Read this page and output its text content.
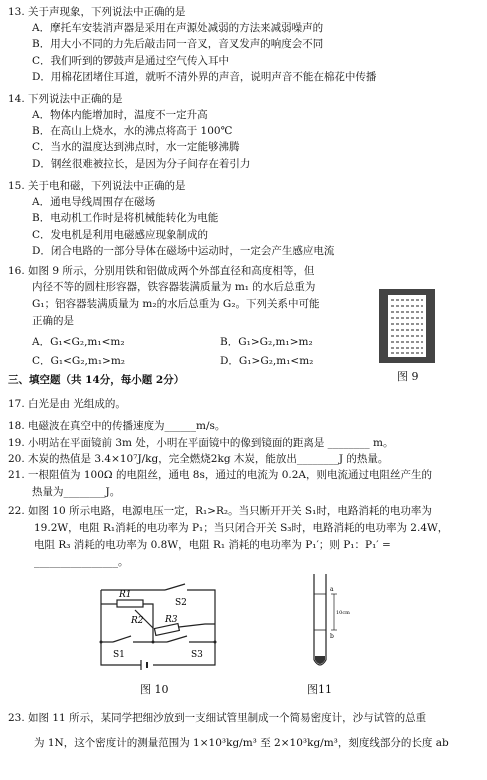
13. 关于声现象，下列说法中正确的是
A．摩托车安装消声器是采用在声源处减弱的方法来减弱噪声的
B．用大小不同的力先后敲击同一音叉，音叉发声的响度会不同
C．我们听到的锣鼓声是通过空气传入耳中
D．用棉花团堵住耳道，就听不清外界的声音，说明声音不能在棉花中传播
14. 下列说法中正确的是
A．物体内能增加时，温度不一定升高
B．在高山上烧水，水的沸点将高于 100℃
C．当水的温度达到沸点时，水一定能够沸腾
D．钢丝很难被拉长，是因为分子间存在着引力
15. 关于电和磁，下列说法中正确的是
A．通电导线周围存在磁场
B．电动机工作时是将机械能转化为电能
C．发电机是利用电磁感应现象制成的
D．闭合电路的一部分导体在磁场中运动时，一定会产生感应电流
16. 如图 9 所示，分别用铁和铝做成两个外部直径和高度相等，但
内径不等的圆柱形容器，铁容器装满质量为 m₁ 的水后总重为
G₁；铝容器装满质量为 m₂的水后总重为 G₂。下列关系中可能
正确的是
A．G₁<G₂,m₁<m₂	B．G₁>G₂,m₁>m₂
C．G₁<G₂,m₁>m₂	D．G₁>G₂,m₁<m₂
图 9
三、填空题（共 14分，每小题 2分）
17. 白光是由 光组成的。
18. 电磁波在真空中的传播速度为______m/s。
19. 小明站在平面镜前 3m 处，小明在平面镜中的像到镜面的距离是 ________ m。
20. 木炭的热值是 3.4×10⁷J/kg，完全燃烧2kg 木炭，能放出________J 的热量。
21. 一根阻值为 100Ω 的电阻丝，通电 8s，通过的电流为 0.2A，则电流通过电阻丝产生的
热量为________J。
22. 如图 10 所示电路，电源电压一定，R₁>R₂。当只断开开关 S₁时，电路消耗的电功率为
19.2W，电阻 R₁消耗的电功率为 P₁；当只闭合开关 S₃时，电路消耗的电功率为 2.4W，
电阻 R₃ 消耗的电功率为 0.8W，电阻 R₁ 消耗的电功率为 P₁′；则 P₁：P₁′ =
________________。
R1
R2 R3
S2
S1	S3
图 10
a
b
10cm
图11
23. 如图 11 所示，某同学把细沙放到一支细试管里制成一个简易密度计，沙与试管的总重
为 1N，这个密度计的测量范围为 1×10³kg/m³ 至 2×10³kg/m³，刻度线部分的长度 ab
